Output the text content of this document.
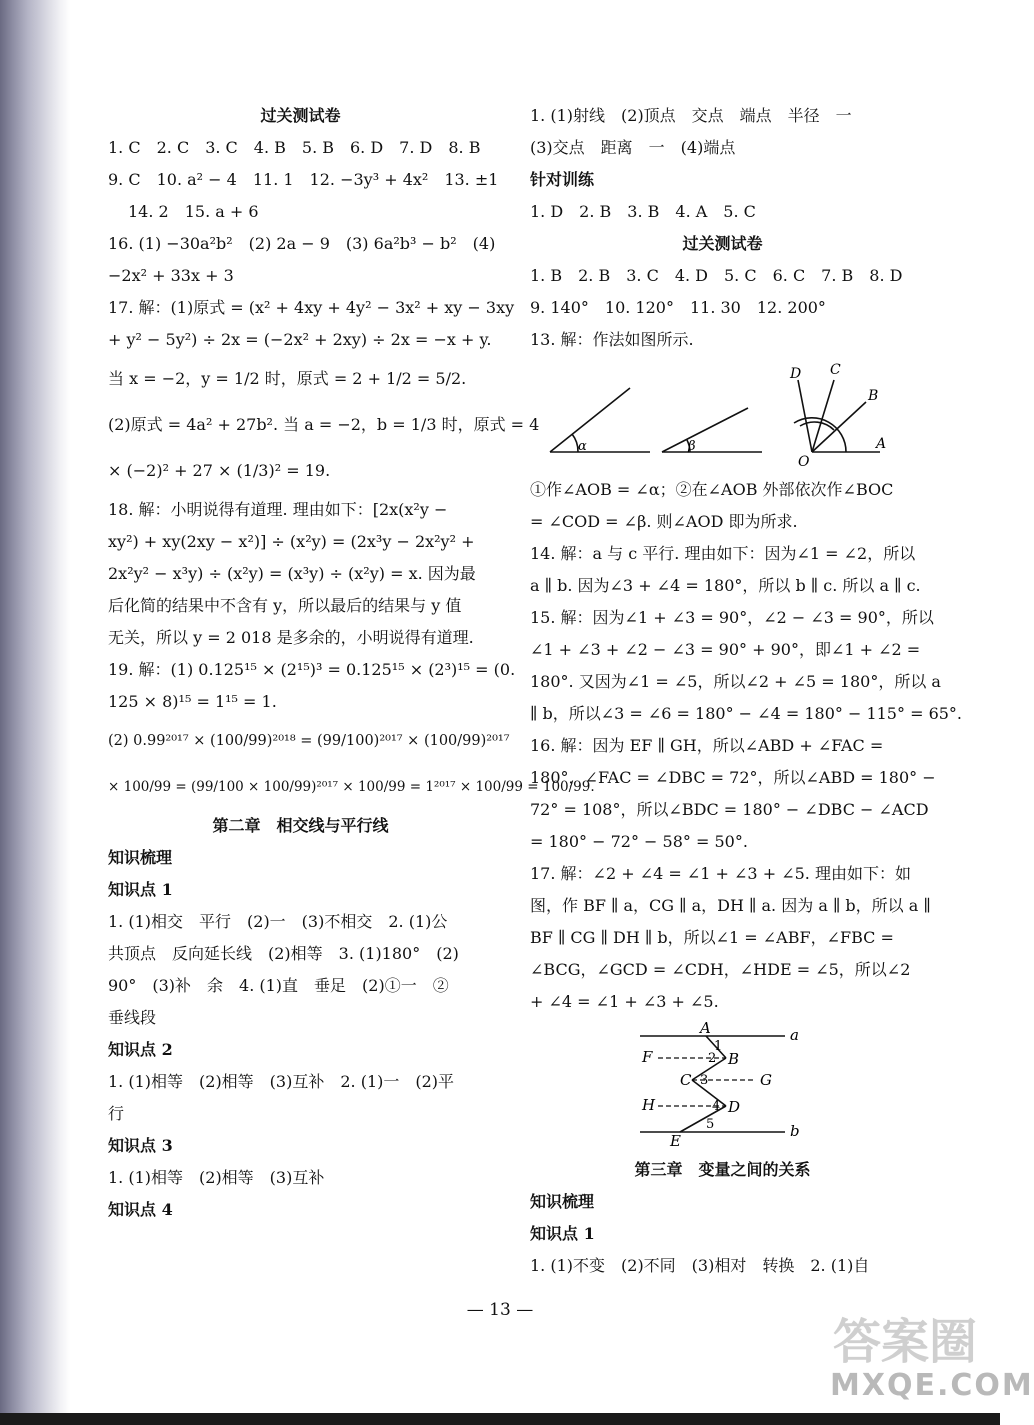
过关测试卷
1. C　2. C　3. C　4. B　5. B　6. D　7. D　8. B
9. C　10. a² − 4　11. 1　12. −3y³ + 4x²　13. ±1
14. 2　15. a + 6
16. (1) −30a²b²　(2) 2a − 9　(3) 6a²b³ − b²　(4)
−2x² + 33x + 3
17. 解：(1)原式 = (x² + 4xy + 4y² − 3x² + xy − 3xy
+ y² − 5y²) ÷ 2x = (−2x² + 2xy) ÷ 2x = −x + y.
当 x = −2，y = 1/2 时，原式 = 2 + 1/2 = 5/2.
(2)原式 = 4a² + 27b². 当 a = −2，b = 1/3 时，原式 = 4
× (−2)² + 27 × (1/3)² = 19.
18. 解：小明说得有道理. 理由如下：[2x(x²y −
xy²) + xy(2xy − x²)] ÷ (x²y) = (2x³y − 2x²y² +
2x²y² − x³y) ÷ (x²y) = (x³y) ÷ (x²y) = x. 因为最
后化简的结果中不含有 y，所以最后的结果与 y 值
无关，所以 y = 2 018 是多余的，小明说得有道理.
19. 解：(1) 0.125¹⁵ × (2¹⁵)³ = 0.125¹⁵ × (2³)¹⁵ = (0.
125 × 8)¹⁵ = 1¹⁵ = 1.
(2) 0.99²⁰¹⁷ × (100/99)²⁰¹⁸ = (99/100)²⁰¹⁷ × (100/99)²⁰¹⁷
× 100/99 = (99/100 × 100/99)²⁰¹⁷ × 100/99 = 1²⁰¹⁷ × 100/99 = 100/99.
第二章　相交线与平行线
知识梳理
知识点 1
1. (1)相交　平行　(2)一　(3)不相交　2. (1)公
共顶点　反向延长线　(2)相等　3. (1)180°　(2)
90°　(3)补　余　4. (1)直　垂足　(2)①一　②
垂线段
知识点 2
1. (1)相等　(2)相等　(3)互补　2. (1)一　(2)平
行
知识点 3
1. (1)相等　(2)相等　(3)互补
知识点 4
1. (1)射线　(2)顶点　交点　端点　半径　一
(3)交点　距离　一　(4)端点
针对训练
1. D　2. B　3. B　4. A　5. C
过关测试卷
1. B　2. B　3. C　4. D　5. C　6. C　7. B　8. D
9. 140°　10. 120°　11. 30　12. 200°
13. 解：作法如图所示.
α	β
D C
B
O
A
①作∠AOB = ∠α；②在∠AOB 外部依次作∠BOC
= ∠COD = ∠β. 则∠AOD 即为所求.
14. 解：a 与 c 平行. 理由如下：因为∠1 = ∠2，所以
a ∥ b. 因为∠3 + ∠4 = 180°，所以 b ∥ c. 所以 a ∥ c.
15. 解：因为∠1 + ∠3 = 90°，∠2 − ∠3 = 90°，所以
∠1 + ∠3 + ∠2 − ∠3 = 90° + 90°，即∠1 + ∠2 =
180°. 又因为∠1 = ∠5，所以∠2 + ∠5 = 180°，所以 a
∥ b，所以∠3 = ∠6 = 180° − ∠4 = 180° − 115° = 65°.
16. 解：因为 EF ∥ GH，所以∠ABD + ∠FAC =
180°，∠FAC = ∠DBC = 72°，所以∠ABD = 180° −
72° = 108°，所以∠BDC = 180° − ∠DBC − ∠ACD
= 180° − 72° − 58° = 50°.
17. 解：∠2 + ∠4 = ∠1 + ∠3 + ∠5. 理由如下：如
图，作 BF ∥ a，CG ∥ a，DH ∥ a. 因为 a ∥ b，所以 a ∥
BF ∥ CG ∥ DH ∥ b，所以∠1 = ∠ABF，∠FBC =
∠BCG，∠GCD = ∠CDH，∠HDE = ∠5，所以∠2
+ ∠4 = ∠1 + ∠3 + ∠5.
A	a
F	B
C	G
H	D
E
b
1
2
3
4
5
第三章　变量之间的关系
知识梳理
知识点 1
1. (1)不变　(2)不同　(3)相对　转换　2. (1)自
— 13 —
答案圈
MXQE.COM
